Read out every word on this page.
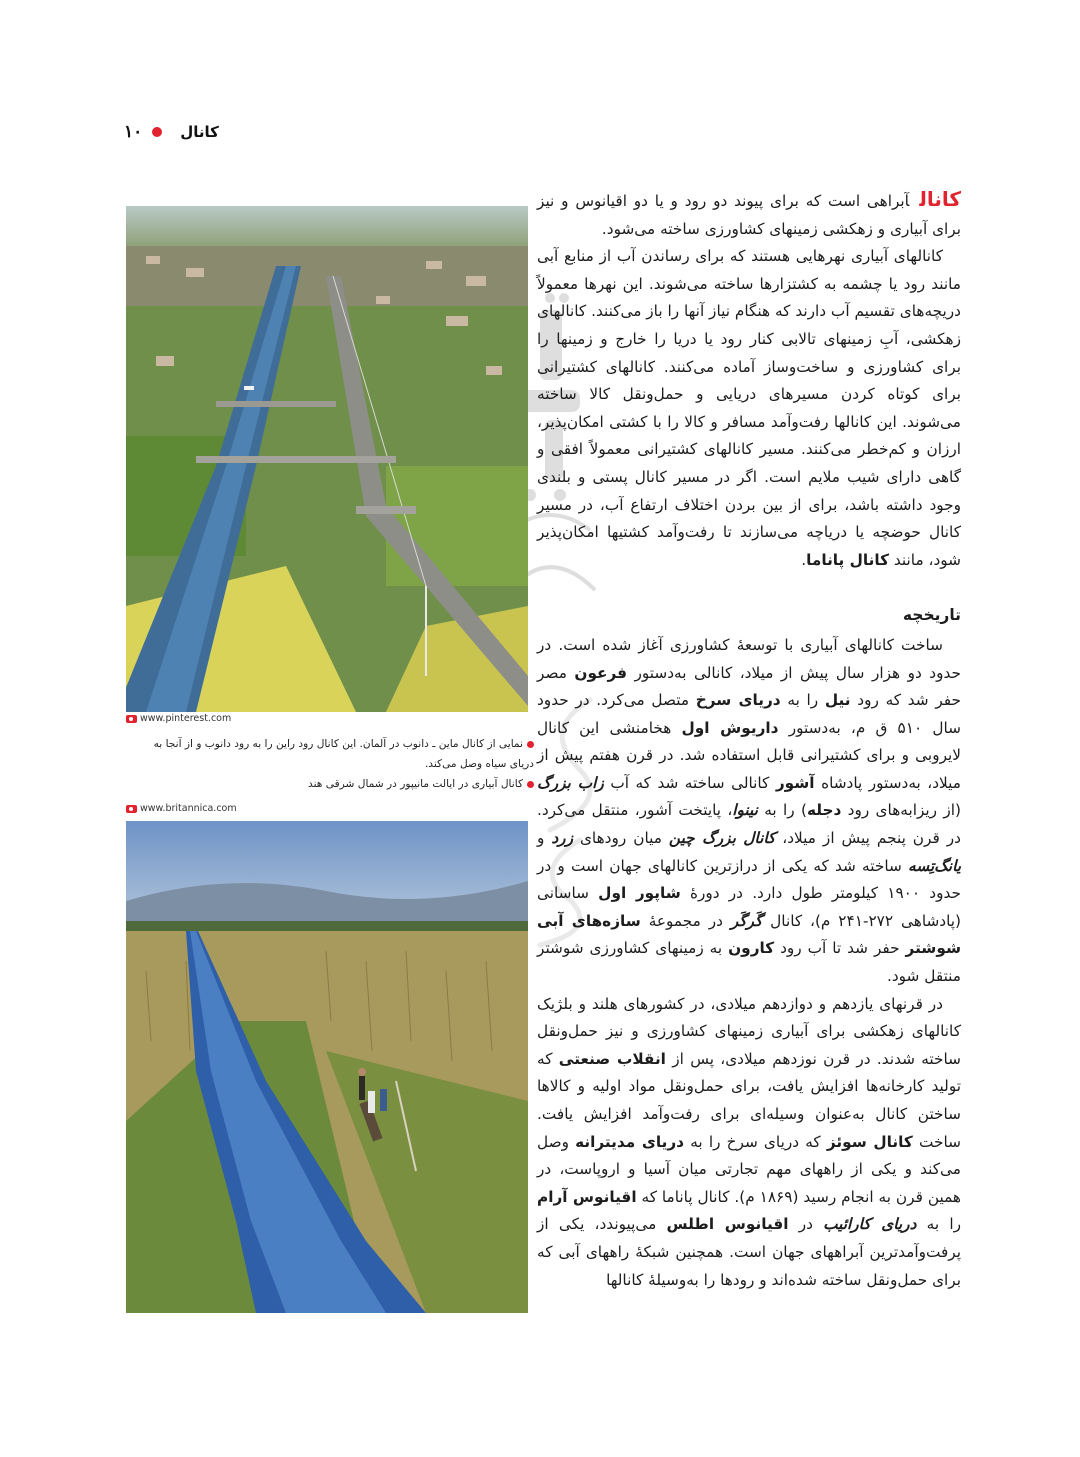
۱۰	کانال

کانالآبراهی است که برای پیوند دو رود و یا دو اقیانوس و نیز برای آبیاری و زهکشی زمینهای کشاورزی ساخته می‌شود.

کانالهای آبیاری نهرهایی هستند که برای رساندن آب از منابع آبی مانند رود یا چشمه به کشتزارها ساخته می‌شوند. این نهرها معمولاً دریچه‌های تقسیم آب دارند که هنگام نیاز آنها را باز می‌کنند. کانالهای زهکشی، آبِ زمینهای تالابی کنار رود یا دریا را خارج و زمینها را برای کشاورزی و ساخت‌وساز آماده می‌کنند. کانالهای کشتیرانی برای کوتاه کردن مسیرهای دریایی و حمل‌ونقل کالا ساخته می‌شوند. این کانالها رفت‌وآمد مسافر و کالا را با کشتی امکان‌پذیر، ارزان و کم‌خطر می‌کنند. مسیر کانالهای کشتیرانی معمولاً افقی و گاهی دارای شیب ملایم است. اگر در مسیر کانال پستی و بلندی وجود داشته باشد، برای از بین بردن اختلاف ارتفاع آب، در مسیر کانال حوضچه یا دریاچه می‌سازند تا رفت‌وآمد کشتیها امکان‌پذیر شود، مانند کانال پاناما.

تاریخچه

ساخت کانالهای آبیاری با توسعهٔ کشاورزی آغاز شده است. در حدود دو هزار سال پیش از میلاد، کانالی به‌دستور فرعون مصر حفر شد که رود نیل را به دریای سرخ متصل می‌کرد. در حدود سال ۵۱۰ ق م، به‌دستور داریوش اول هخامنشی این کانال لایروبی و برای کشتیرانی قابل استفاده شد. در قرن هفتم پیش از میلاد، به‌دستور پادشاه آشور کانالی ساخته شد که آب زاب بزرگ (از ریزابه‌های رود دجله) را به نینوا، پایتخت آشور، منتقل می‌کرد. در قرن پنجم پیش از میلاد، کانال بزرگ چین میان رودهای زرد و یانگ‌تِسه ساخته شد که یکی از درازترین کانالهای جهان است و در حدود ۱۹۰۰ کیلومتر طول دارد. در دورهٔ شاپور اول ساسانی (پادشاهی ۲۷۲-۲۴۱ م)، کانال گَرگَر در مجموعهٔ سازه‌های آبی شوشتر حفر شد تا آب رود کارون به زمینهای کشاورزی شوشتر منتقل شود.

در قرنهای یازدهم و دوازدهم میلادی، در کشورهای هلند و بلژیک کانالهای زهکشی برای آبیاری زمینهای کشاورزی و نیز حمل‌ونقل ساخته شدند. در قرن نوزدهم میلادی، پس از انقلاب صنعتی که تولید کارخانه‌ها افزایش یافت، برای حمل‌ونقل مواد اولیه و کالاها ساختن کانال به‌عنوان وسیله‌ای برای رفت‌وآمد افزایش یافت. ساخت کانال سوئز که دریای سرخ را به دریای مدیترانه وصل می‌کند و یکی از راههای مهم تجارتی میان آسیا و اروپاست، در همین قرن به انجام رسید (۱۸۶۹ م). کانال پاناما که اقیانوس آرام را به دریای کارائیب در اقیانوس اطلس می‌پیوندد، یکی از پرفت‌وآمدترین آبراههای جهان است. همچنین شبکهٔ راههای آبی که برای حمل‌ونقل ساخته شده‌اند و رودها را به‌وسیلهٔ کانالها

www.pinterest.com

نمایی از کانال ماین ـ دانوب در آلمان. این کانال رود راین را به رود دانوب و از آنجا به دریای سیاه وصل می‌کند.

کانال آبیاری در ایالت مانیپور در شمال شرقی هند

www.britannica.com
